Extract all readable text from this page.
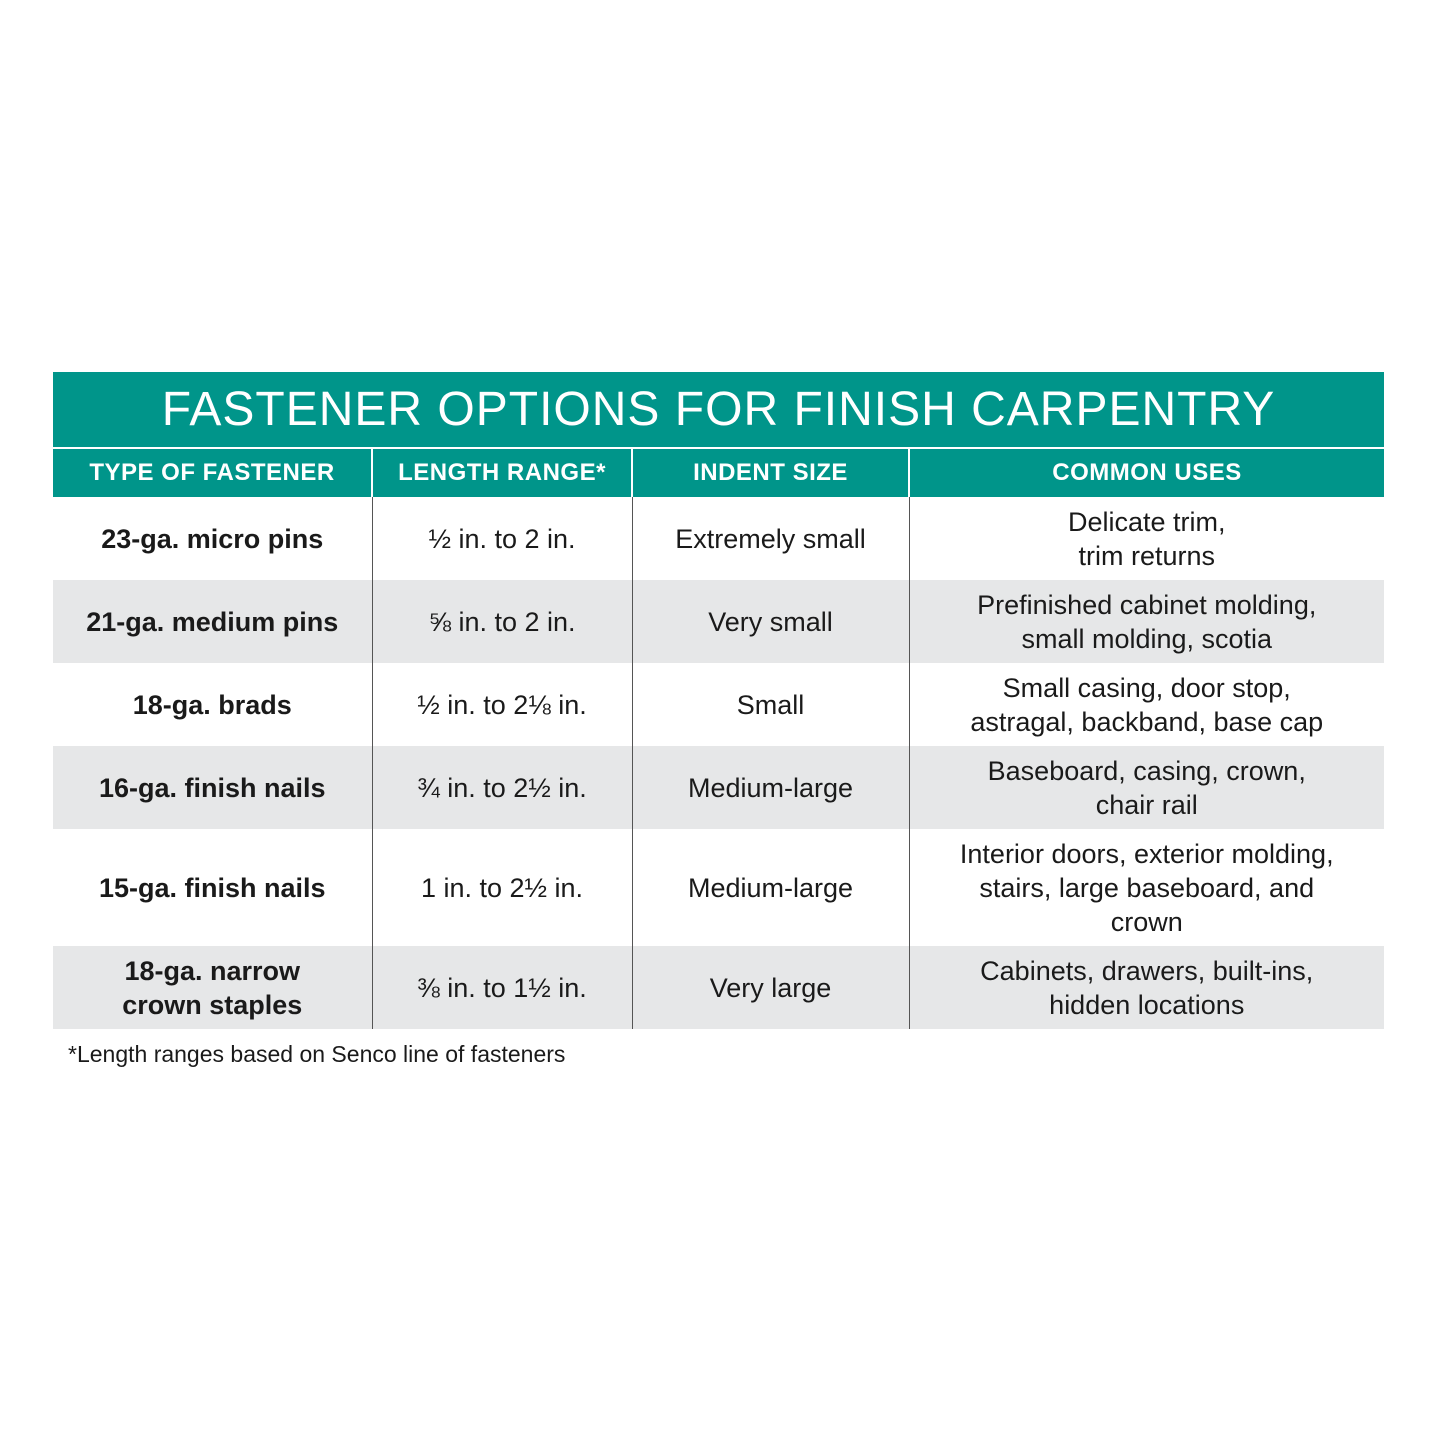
FASTENER OPTIONS FOR FINISH CARPENTRY
TYPE OF FASTENER	LENGTH RANGE*	INDENT SIZE	COMMON USES
23-ga. micro pins	½ in. to 2 in.	Extremely small	Delicate trim,
trim returns
21-ga. medium pins	⅝ in. to 2 in.	Very small	Prefinished cabinet molding,
small molding, scotia
18-ga. brads	½ in. to 2⅛ in.	Small	Small casing, door stop,
astragal, backband, base cap
16-ga. finish nails	¾ in. to 2½ in.	Medium-large	Baseboard, casing, crown,
chair rail
15-ga. finish nails	1 in. to 2½ in.	Medium-large	Interior doors, exterior molding,
stairs, large baseboard, and
crown
18-ga. narrow
crown staples	⅜ in. to 1½ in.	Very large	Cabinets, drawers, built-ins,
hidden locations
*Length ranges based on Senco line of fasteners
